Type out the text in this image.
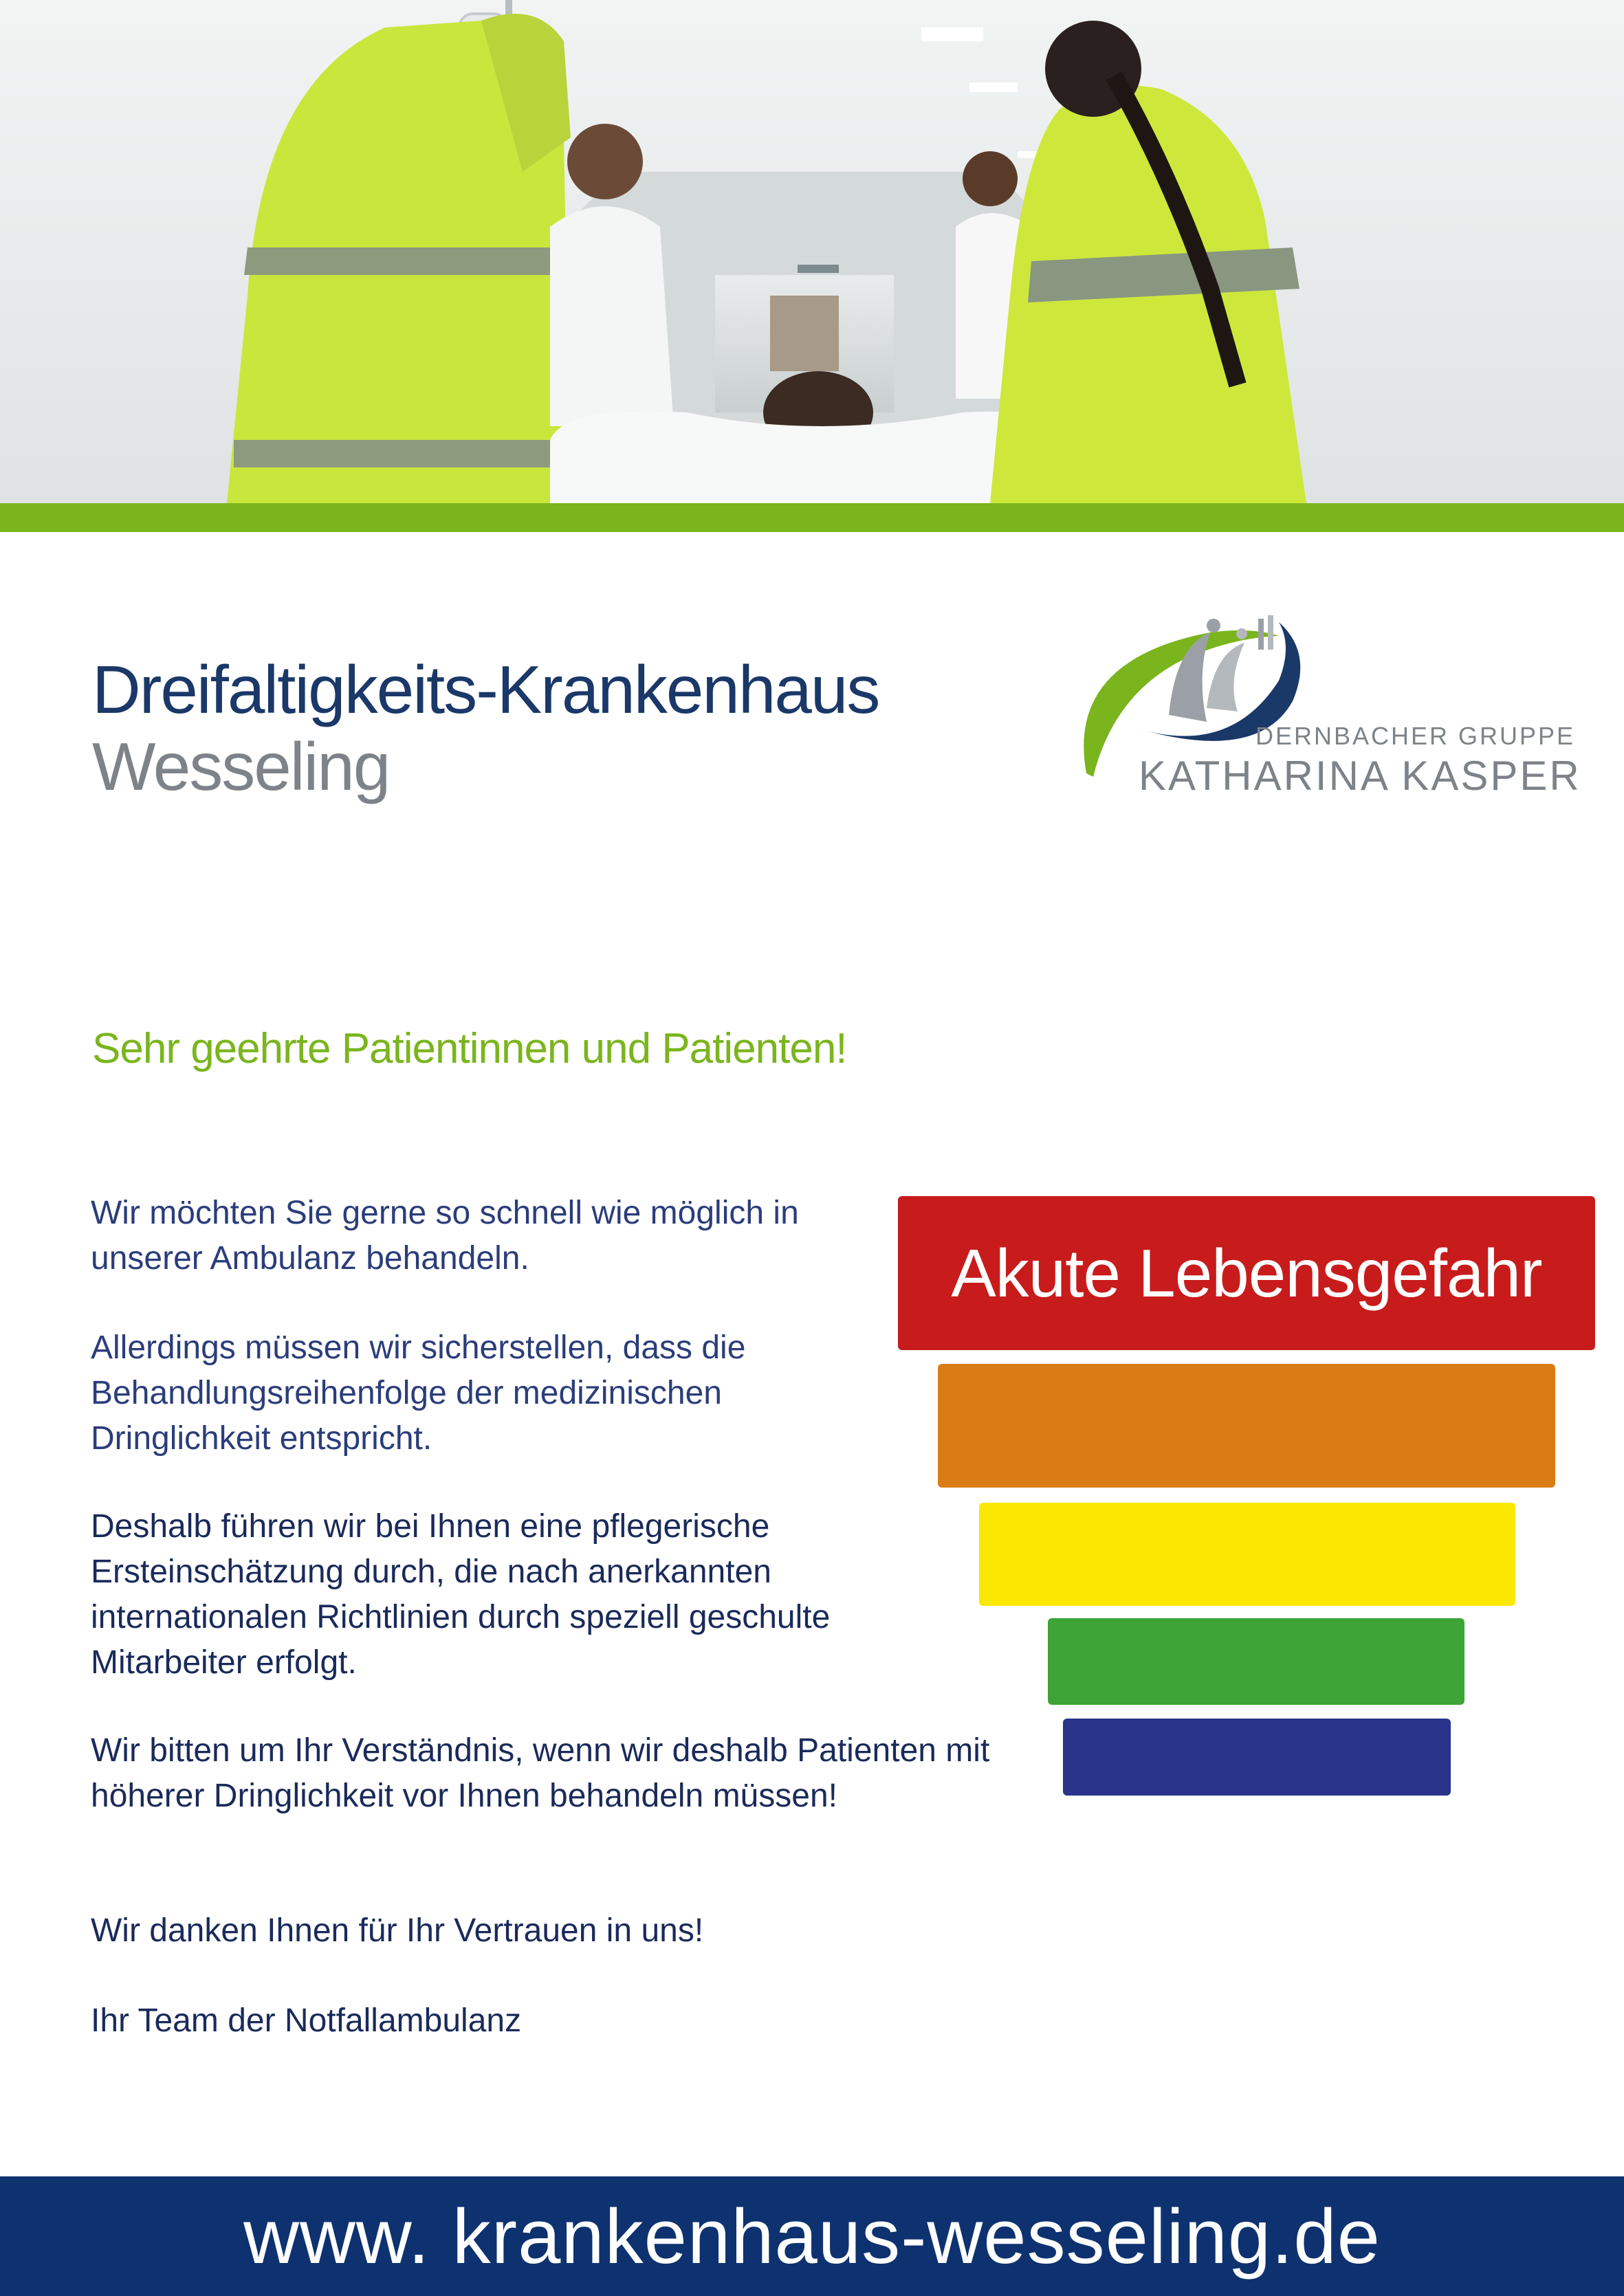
Dreifaltigkeits-Krankenhaus
Wesseling	DERNBACHER GRUPPE
KATHARINA KASPER
Sehr geehrte Patientinnen und Patienten!
Wir möchten Sie gerne so schnell wie möglich in unserer Ambulanz behandeln.
Allerdings müssen wir sicherstellen, dass die Behandlungsreihenfolge der medizinischen Dringlichkeit entspricht.
Deshalb führen wir bei Ihnen eine pflegerische Ersteinschätzung durch, die nach anerkannten internationalen Richtlinien durch speziell geschulte Mitarbeiter erfolgt.
Wir bitten um Ihr Verständnis, wenn wir deshalb Patienten mit höherer Dringlichkeit vor Ihnen behandeln müssen!
Wir danken Ihnen für Ihr Vertrauen in uns!
Ihr Team der Notfallambulanz
Akute Lebensgefahr
www. krankenhaus-wesseling.de
